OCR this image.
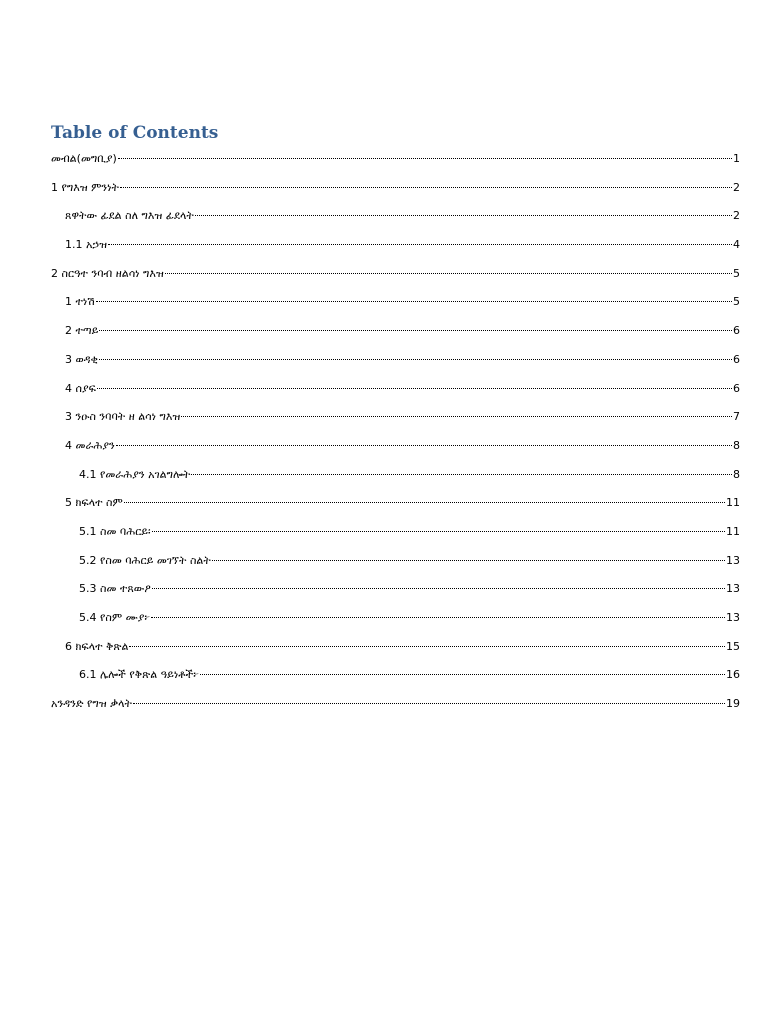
Table of Contents
መብል(መግቢያ)	1
1 የግእዝ ምንነት	2
ጸዋትው ፊደል ስለ ግእዝ ፊደላት	2
1.1 አኃዝ	4
2 ስርዓተ ንባብ ዘልሳነ ግእዝ	5
1 ተነሽ	5
2 ተጣይ	6
3 ወዳቂ	6
4 ሰያፍ	6
3 ንዑስ ንባባት ዘ ልሳነ ግእዝ	7
4 መራሕያን	8
4.1 የመራሕያን አገልግሎት	8
5 ክፍላተ ስም	11
5.1 ስመ ባሕርይ፡	11
5.2 የስመ ባሕርይ መገኘት ስልት	13
5.3 ስመ ተጸውዖ	13
5.4 የስም ሙያ፦	13
6 ክፍላተ ቅጽል	15
6.1 ሌሎች የቅጽል ዓይነቶች፦	16
አንዳንድ የግዝ ቃላት	19
